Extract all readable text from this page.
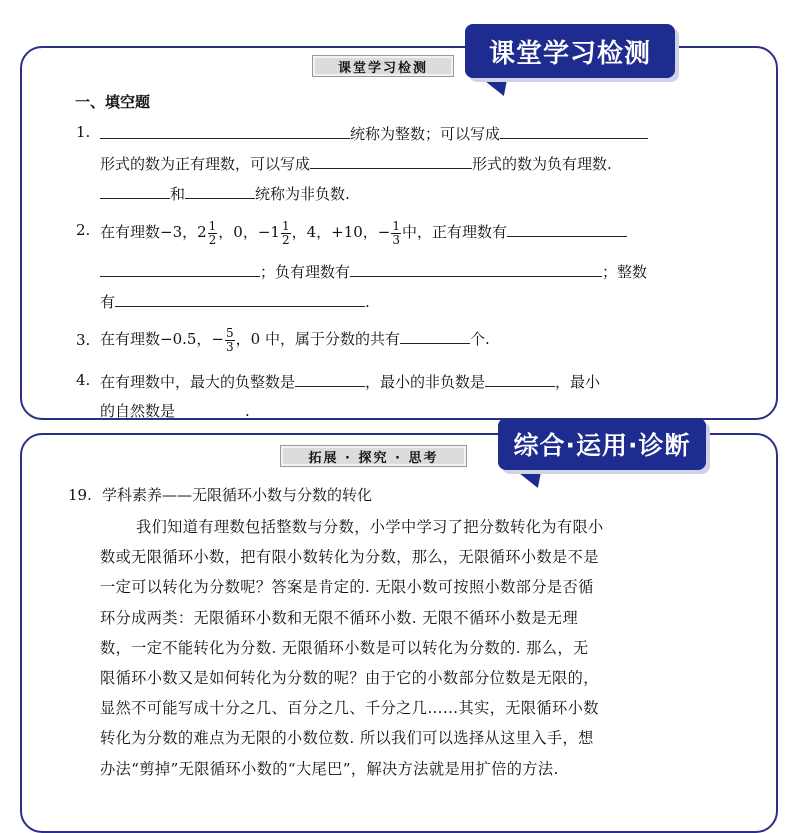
课堂学习检测
课堂学习检测
一、填空题
1.	统称为整数；可以写成
形式的数为正有理数，可以写成	形式的数为负有理数.
和	统称为非负数.
2. 在有理数−3，$2 \frac{1}{2}$ ，0，$-1 \frac{1}{2}$ ，4，+10，− $\frac{1}{3}$ 中，正有理数有
；负有理数有	；整数
有	.
3. 在有理数−0.5，− $\frac{5}{3}$ ，0 中，属于分数的共有	个.
4. 在有理数中，最大的负整数是	，最小的非负数是	，最小
的自然数是	.
综合·运用·诊断
拓展 · 探究 · 思考
19. 学科素养——无限循环小数与分数的转化
我们知道有理数包括整数与分数，小学中学习了把分数转化为有限小
数或无限循环小数，把有限小数转化为分数，那么，无限循环小数是不是
一定可以转化为分数呢？答案是肯定的. 无限小数可按照小数部分是否循
环分成两类：无限循环小数和无限不循环小数. 无限不循环小数是无理
数，一定不能转化为分数. 无限循环小数是可以转化为分数的. 那么，无
限循环小数又是如何转化为分数的呢？由于它的小数部分位数是无限的，
显然不可能写成十分之几、百分之几、千分之几……其实，无限循环小数
转化为分数的难点为无限的小数位数. 所以我们可以选择从这里入手，想
办法“剪掉”无限循环小数的“大尾巴”，解决方法就是用扩倍的方法.
